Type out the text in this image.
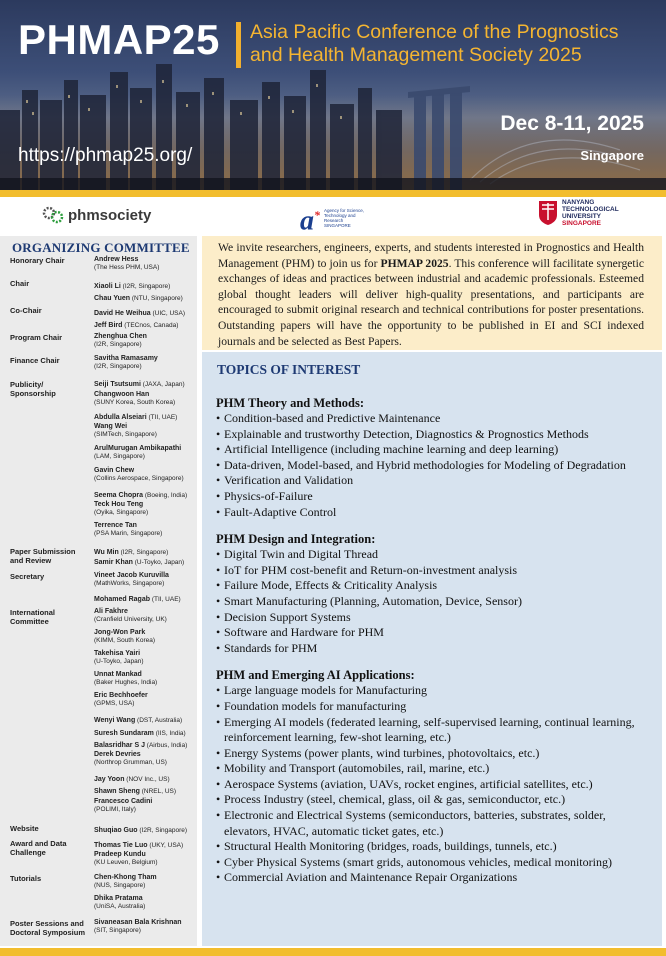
PHMAP25 Asia Pacific Conference of the Prognostics
and Health Management Society 2025
Dec 8-11, 2025
https://phmap25.org/	Singapore
phmsociety	a* Agency for Science, Technology and Research
SINGAPORE
NANYANG
TECHNOLOGICAL
UNIVERSITY
SINGAPORE
ORGANIZING COMMITTEE
Honorary Chair
Chair
Co-Chair
Program Chair
Finance Chair
Publicity/ Sponsorship
Paper Submission and Review
Secretary
International Committee
Website
Award and Data Challenge
Tutorials
Poster Sessions and Doctoral Symposium
Andrew Hess
(The Hess PHM, USA)
Xiaoli Li (I2R, Singapore)
Chau Yuen (NTU, Singapore)
David He Weihua (UIC, USA)
Jeff Bird (TECnos, Canada)
Zhenghua Chen
(I2R, Singapore)
Savitha Ramasamy
(I2R, Singapore)
Seiji Tsutsumi (JAXA, Japan)
Changwoon Han
(SUNY Korea, South Korea)
Abdulla Alseiari (TII, UAE)
Wang Wei
(SIMTech, Singapore)
ArulMurugan Ambikapathi
(LAM, Singapore)
Gavin Chew
(Collins Aerospace, Singapore)
Seema Chopra (Boeing, India)
Teck Hou Teng
(Oyika, Singapore)
Terrence Tan
(PSA Marin, Singapore)
Wu Min (I2R, Singapore)
Samir Khan (U-Toyko, Japan)
Vineet Jacob Kuruvilla
(MathWorks, Singapore)
Mohamed Ragab (TII, UAE)
Ali Fakhre
(Cranfield University, UK)
Jong-Won Park
(KIMM, South Korea)
Takehisa Yairi
(U-Toyko, Japan)
Unnat Mankad
(Baker Hughes, India)
Eric Bechhoefer
(GPMS, USA)
Wenyi Wang (DST, Australia)
Suresh Sundaram (IIS, India)
Balasridhar S J (Airbus, India)
Derek Devries
(Northrop Grumman, US)
Jay Yoon (NOV Inc., US)
Shawn Sheng (NREL, US)
Francesco Cadini
(POLIMI, Italy)
Shuqiao Guo (I2R, Singapore)
Thomas Tie Luo (UKY, USA)
Pradeep Kundu
(KU Leuven, Belgium)
Chen-Khong Tham
(NUS, Singapore)
Dhika Pratama
(UniSA, Australia)
Sivaneasan Bala Krishnan
(SIT, Singapore)
We invite researchers, engineers, experts, and students interested in Prognostics and Health Management (PHM) to join us for PHMAP 2025. This conference will facilitate synergetic exchanges of ideas and practices between industrial and academic professionals. Esteemed global thought leaders will deliver high-quality presentations, and participants are encouraged to submit original research and technical contributions for poster presentations. Outstanding papers will have the opportunity to be published in EI and SCI indexed journals and be selected as Best Papers.
TOPICS OF INTEREST
PHM Theory and Methods:
• Condition-based and Predictive Maintenance
• Explainable and trustworthy Detection, Diagnostics & Prognostics Methods
• Artificial Intelligence (including machine learning and deep learning)
• Data-driven, Model-based, and Hybrid methodologies for Modeling of Degradation
• Verification and Validation
• Physics-of-Failure
• Fault-Adaptive Control
PHM Design and Integration:
• Digital Twin and Digital Thread
• IoT for PHM cost-benefit and Return-on-investment analysis
• Failure Mode, Effects & Criticality Analysis
• Smart Manufacturing (Planning, Automation, Device, Sensor)
• Decision Support Systems
• Software and Hardware for PHM
• Standards for PHM
PHM and Emerging AI Applications:
• Large language models for Manufacturing
• Foundation models for manufacturing
• Emerging AI models (federated learning, self-supervised learning, continual learning, reinforcement learning, few-shot learning, etc.)
• Energy Systems (power plants, wind turbines, photovoltaics, etc.)
• Mobility and Transport (automobiles, rail, marine, etc.)
• Aerospace Systems (aviation, UAVs, rocket engines, artificial satellites, etc.)
• Process Industry (steel, chemical, glass, oil & gas, semiconductor, etc.)
• Electronic and Electrical Systems (semiconductors, batteries, substrates, solder, elevators, HVAC, automatic ticket gates, etc.)
• Structural Health Monitoring (bridges, roads, buildings, tunnels, etc.)
• Cyber Physical Systems (smart grids, autonomous vehicles, medical monitoring)
• Commercial Aviation and Maintenance Repair Organizations
